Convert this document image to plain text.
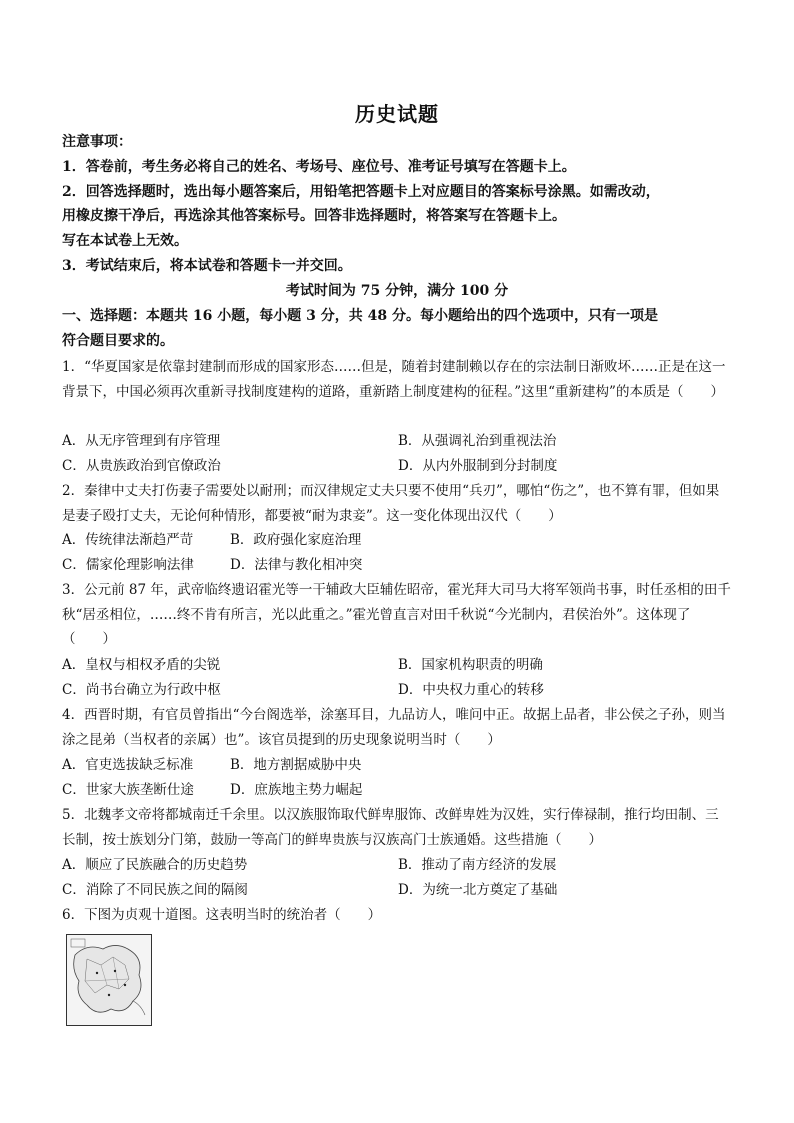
历史试题
注意事项：
1．答卷前，考生务必将自己的姓名、考场号、座位号、准考证号填写在答题卡上。
2．回答选择题时，选出每小题答案后，用铅笔把答题卡上对应题目的答案标号涂黑。如需改动，
用橡皮擦干净后，再选涂其他答案标号。回答非选择题时，将答案写在答题卡上。
写在本试卷上无效。
3．考试结束后，将本试卷和答题卡一并交回。
考试时间为 75 分钟，满分 100 分
一、选择题：本题共 16 小题，每小题 3 分，共 48 分。每小题给出的四个选项中，只有一项是
符合题目要求的。
1．“华夏国家是依靠封建制而形成的国家形态……但是，随着封建制赖以存在的宗法制日渐败坏……正是在这一背景下，中国必须再次重新寻找制度建构的道路，重新踏上制度建构的征程。”这里“重新建构”的本质是（　　）
A．从无序管理到有序管理	B．从强调礼治到重视法治
C．从贵族政治到官僚政治	D．从内外服制到分封制度
2．秦律中丈夫打伤妻子需要处以耐刑；而汉律规定丈夫只要不使用“兵刃”，哪怕“伤之”，也不算有罪，但如果是妻子殴打丈夫，无论何种情形，都要被“耐为隶妾”。这一变化体现出汉代（　　）
A．传统律法渐趋严苛	B．政府强化家庭治理
C．儒家伦理影响法律	D．法律与教化相冲突
3．公元前 87 年，武帝临终遗诏霍光等一干辅政大臣辅佐昭帝，霍光拜大司马大将军领尚书事，时任丞相的田千秋“居丞相位，……终不肯有所言，光以此重之。”霍光曾直言对田千秋说“今光制内，君侯治外”。这体现了（　　）
A．皇权与相权矛盾的尖锐	B．国家机构职责的明确
C．尚书台确立为行政中枢	D．中央权力重心的转移
4．西晋时期，有官员曾指出“今台阁选举，涂塞耳目，九品访人，唯问中正。故据上品者，非公侯之子孙，则当涂之昆弟（当权者的亲属）也”。该官员提到的历史现象说明当时（　　）
A．官吏选拔缺乏标准	B．地方割据威胁中央
C．世家大族垄断仕途	D．庶族地主势力崛起
5．北魏孝文帝将都城南迁千余里。以汉族服饰取代鲜卑服饰、改鲜卑姓为汉姓，实行俸禄制，推行均田制、三长制，按士族划分门第，鼓励一等高门的鲜卑贵族与汉族高门士族通婚。这些措施（　　）
A．顺应了民族融合的历史趋势	B．推动了南方经济的发展
C．消除了不同民族之间的隔阂	D．为统一北方奠定了基础
6．下图为贞观十道图。这表明当时的统治者（　　）
